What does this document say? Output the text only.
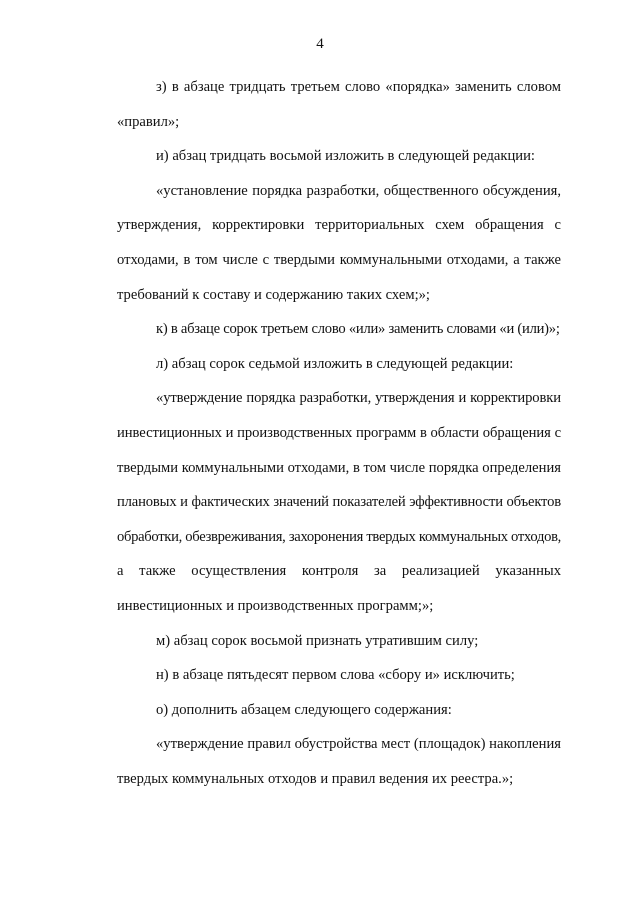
4
з) в абзаце тридцать третьем слово «порядка» заменить словом
«правил»;
и) абзац тридцать восьмой изложить в следующей редакции:
«установление порядка разработки, общественного обсуждения,
утверждения, корректировки территориальных схем обращения с
отходами, в том числе с твердыми коммунальными отходами, а также
требований к составу и содержанию таких схем;»;
к) в абзаце сорок третьем слово «или» заменить словами «и (или)»;
л) абзац сорок седьмой изложить в следующей редакции:
«утверждение порядка разработки, утверждения и корректировки
инвестиционных и производственных программ в области обращения с
твердыми коммунальными отходами, в том числе порядка определения
плановых и фактических значений показателей эффективности объектов
обработки, обезвреживания, захоронения твердых коммунальных отходов,
а также осуществления контроля за реализацией указанных
инвестиционных и производственных программ;»;
м) абзац сорок восьмой признать утратившим силу;
н) в абзаце пятьдесят первом слова «сбору и» исключить;
о) дополнить абзацем следующего содержания:
«утверждение правил обустройства мест (площадок) накопления
твердых коммунальных отходов и правил ведения их реестра.»;
